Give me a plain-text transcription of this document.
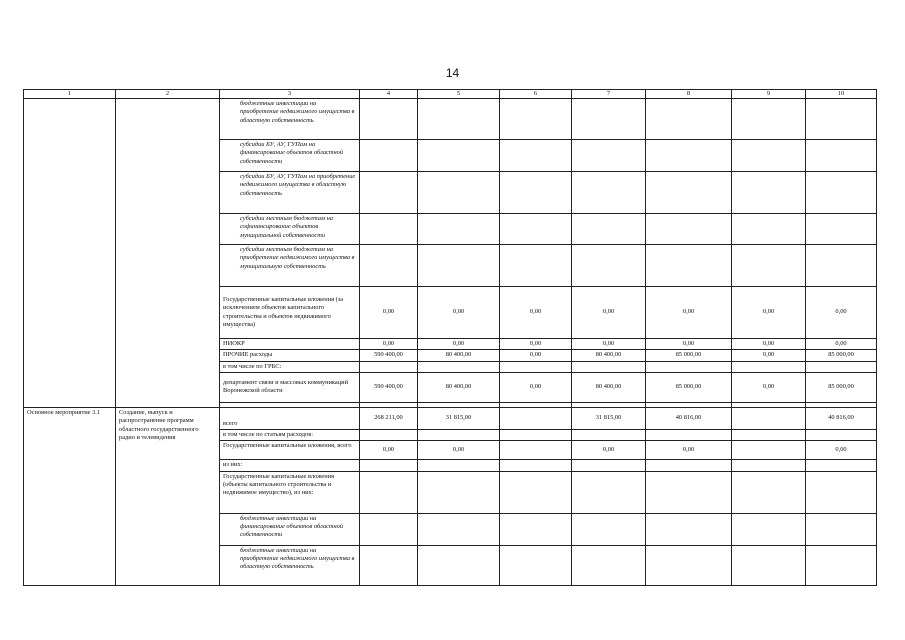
14
1	2	3	4	5	6	7	8	9	10
		бюджетные инвестиции на приобретение недвижимого имущества в областную собственность							
		субсидии БУ, АУ, ГУПам на финансирование объектов областной собственности							
		субсидии БУ, АУ, ГУПам на приобретение недвижимого имущества в областную собственность							
		субсидии местным бюджетам на софинансирование объектов муниципальной собственности							
		субсидии местным бюджетам на приобретение недвижимого имущества в муниципальную собственность							
		Государственные капитальные вложения (за исключением объектов капитального строительства и объектов недвижимого имущества)	0,00	0,00	0,00	0,00	0,00	0,00	0,00
		НИОКР	0,00	0,00	0,00	0,00	0,00	0,00	0,00
		ПРОЧИЕ расходы	590 400,00	80 400,00	0,00	80 400,00	85 000,00	0,00	85 000,00
		в том числе по ГРБС:							
		департамент связи и массовых коммуникаций Воронежской области	590 400,00	80 400,00	0,00	80 400,00	85 000,00	0,00	85 000,00

Основное мероприятие 3.1	Создание, выпуск и распространение программ областного государственного радио и телевидения	всего	268 211,00	31 815,00		31 815,00	40 816,00		40 816,00
		в том числе по статьям расходов:							
		Государственные капитальные вложения, всего	0,00	0,00		0,00	0,00		0,00
		из них:							
		Государственные капитальные вложения (объекты капитального строительства и недвижимое имущество), из них:							
		бюджетные инвестиции на финансирование объектов областной собственности							
		бюджетные инвестиции на приобретение недвижимого имущества в областную собственность							
